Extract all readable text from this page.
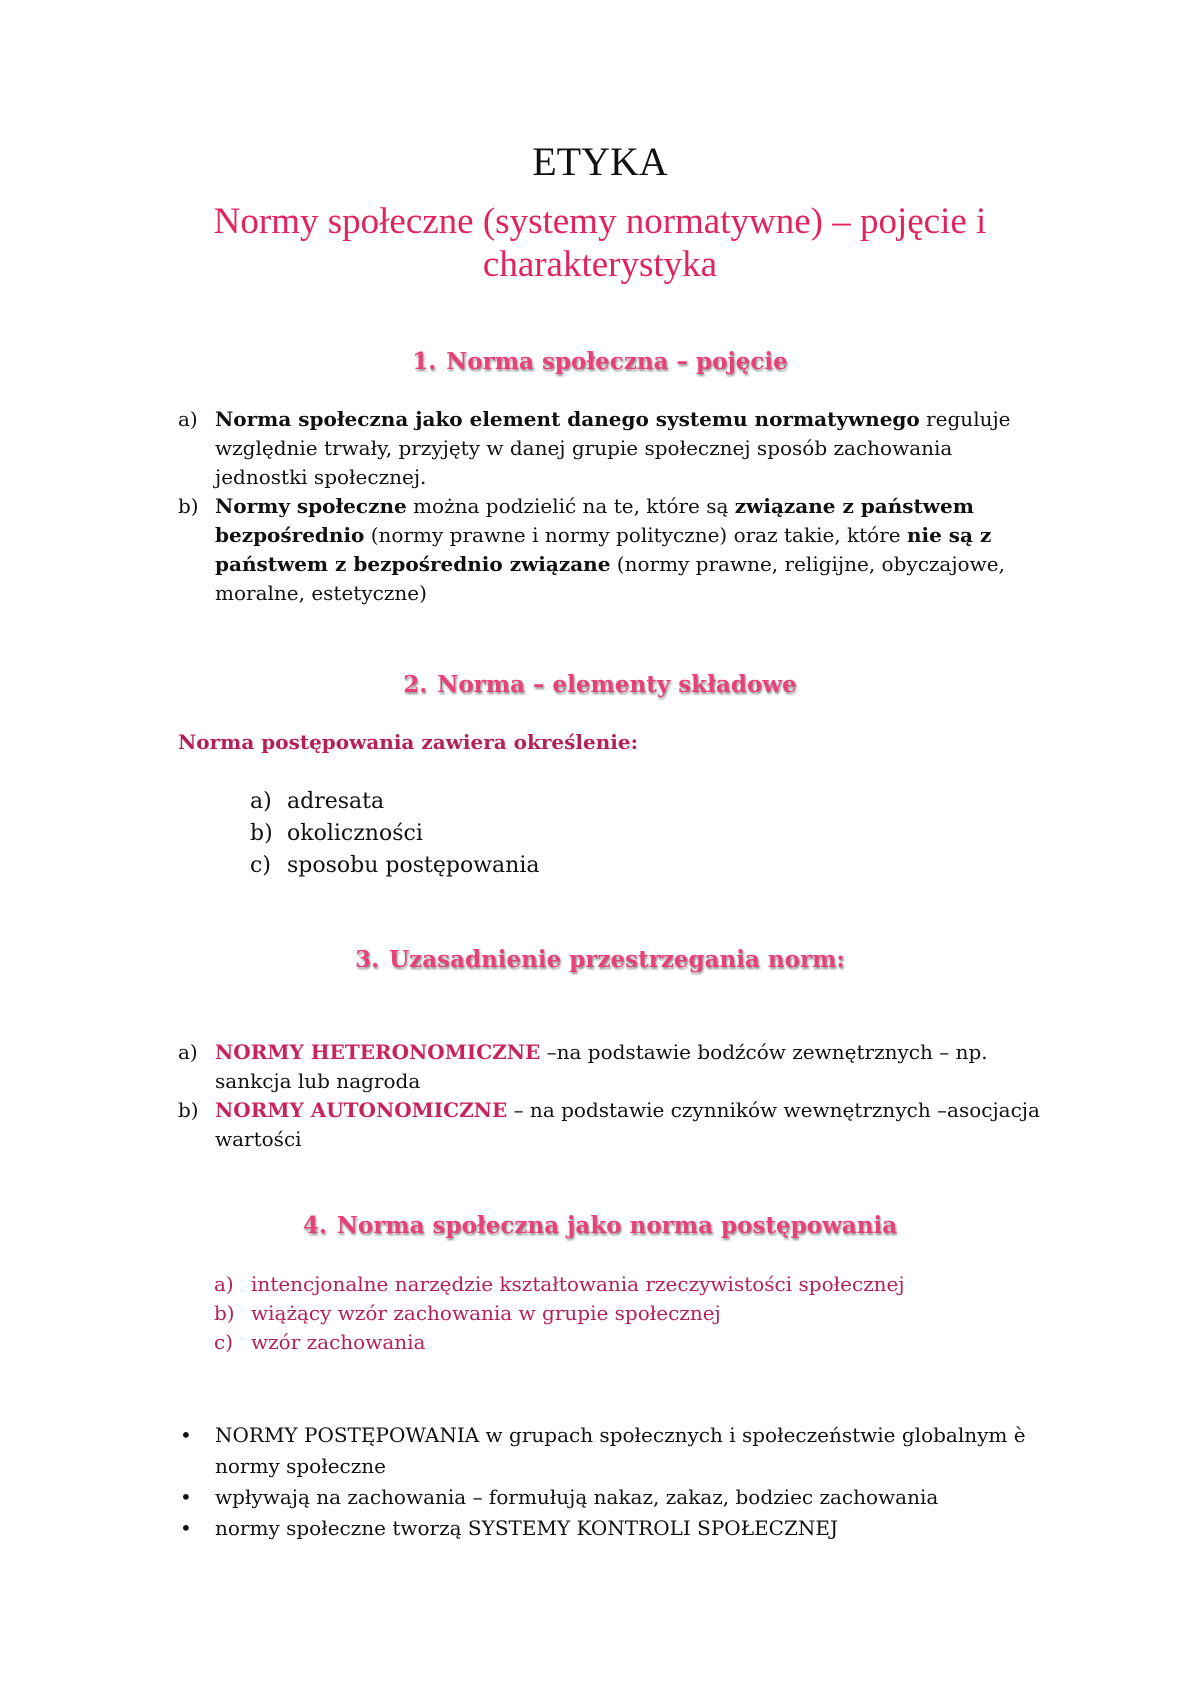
ETYKA
Normy społeczne (systemy normatywne) – pojęcie i charakterystyka
1. Norma społeczna – pojęcie
a) Norma społeczna jako element danego systemu normatywnego reguluje względnie trwały, przyjęty w danej grupie społecznej sposób zachowania jednostki społecznej.
b) Normy społeczne można podzielić na te, które są związane z państwem bezpośrednio (normy prawne i normy polityczne) oraz takie, które nie są z państwem z bezpośrednio związane (normy prawne, religijne, obyczajowe, moralne, estetyczne)
2. Norma – elementy składowe
Norma postępowania zawiera określenie:
a) adresata
b) okoliczności
c) sposobu postępowania
3. Uzasadnienie przestrzegania norm:
a) NORMY HETERONOMICZNE –na podstawie bodźców zewnętrznych – np. sankcja lub nagroda
b) NORMY AUTONOMICZNE – na podstawie czynników wewnętrznych –asocjacja wartości
4. Norma społeczna jako norma postępowania
a) intencjonalne narzędzie kształtowania rzeczywistości społecznej
b) wiążący wzór zachowania w grupie społecznej
c) wzór zachowania
• NORMY POSTĘPOWANIA w grupach społecznych i społeczeństwie globalnym è normy społeczne
• wpływają na zachowania – formułują nakaz, zakaz, bodziec zachowania
• normy społeczne tworzą SYSTEMY KONTROLI SPOŁECZNEJ
